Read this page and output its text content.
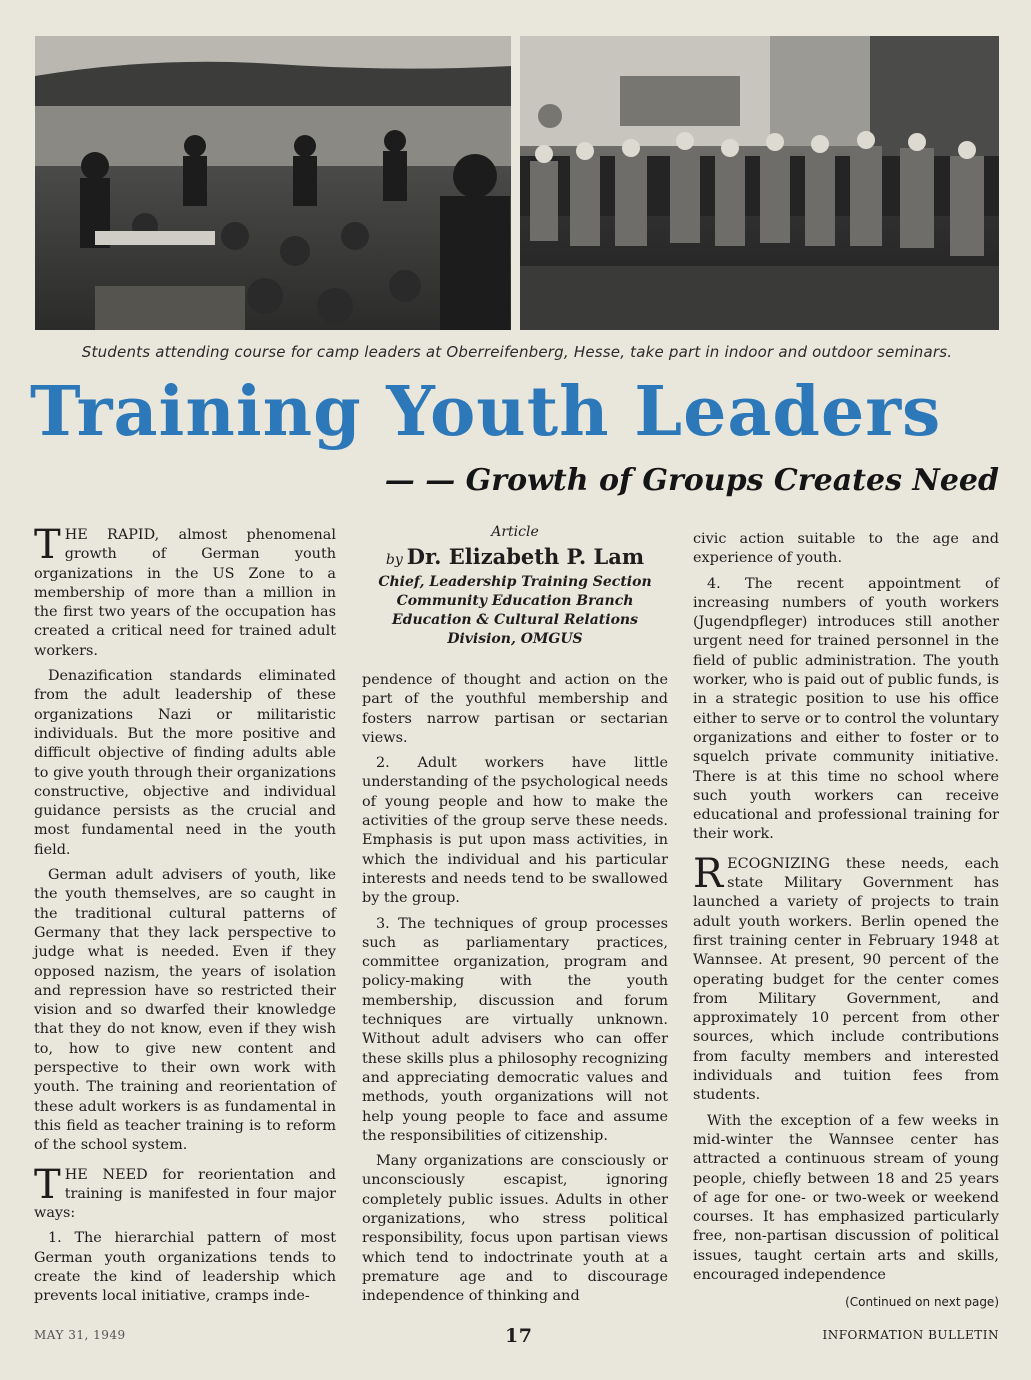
Students attending course for camp leaders at Oberreifenberg, Hesse, take part in indoor and outdoor seminars.
Training Youth Leaders
— — Growth of Groups Creates Need
Article
by Dr. Elizabeth P. Lam
Chief, Leadership Training Section
Community Education Branch
Education & Cultural Relations
Division, OMGUS

THE RAPID, almost phenomenal growth of German youth organizations in the US Zone to a membership of more than a million in the first two years of the occupation has created a critical need for trained adult workers.

Denazification standards eliminated from the adult leadership of these organizations Nazi or militaristic individuals. But the more positive and difficult objective of finding adults able to give youth through their organizations constructive, objective and individual guidance persists as the crucial and most fundamental need in the youth field.

German adult advisers of youth, like the youth themselves, are so caught in the traditional cultural patterns of Germany that they lack perspective to judge what is needed. Even if they opposed nazism, the years of isolation and repression have so restricted their vision and so dwarfed their knowledge that they do not know, even if they wish to, how to give new content and perspective to their own work with youth. The training and reorientation of these adult workers is as fundamental in this field as teacher training is to reform of the school system.

THE NEED for reorientation and training is manifested in four major ways:

1. The hierarchial pattern of most German youth organizations tends to create the kind of leadership which prevents local initiative, cramps inde-

pendence of thought and action on the part of the youthful membership and fosters narrow partisan or sectarian views.

2. Adult workers have little understanding of the psychological needs of young people and how to make the activities of the group serve these needs. Emphasis is put upon mass activities, in which the individual and his particular interests and needs tend to be swallowed by the group.

3. The techniques of group processes such as parliamentary practices, committee organization, program and policy-making with the youth membership, discussion and forum techniques are virtually unknown. Without adult advisers who can offer these skills plus a philosophy recognizing and appreciating democratic values and methods, youth organizations will not help young people to face and assume the responsibilities of citizenship.

Many organizations are consciously or unconsciously escapist, ignoring completely public issues. Adults in other organizations, who stress political responsibility, focus upon partisan views which tend to indoctrinate youth at a premature age and to discourage independence of thinking and

civic action suitable to the age and experience of youth.

4. The recent appointment of increasing numbers of youth workers (Jugendpfleger) introduces still another urgent need for trained personnel in the field of public administration. The youth worker, who is paid out of public funds, is in a strategic position to use his office either to serve or to control the voluntary organizations and either to foster or to squelch private community initiative. There is at this time no school where such youth workers can receive educational and professional training for their work.

RECOGNIZING these needs, each state Military Government has launched a variety of projects to train adult youth workers. Berlin opened the first training center in February 1948 at Wannsee. At present, 90 percent of the operating budget for the center comes from Military Government, and approximately 10 percent from other sources, which include contributions from faculty members and interested individuals and tuition fees from students.

With the exception of a few weeks in mid-winter the Wannsee center has attracted a continuous stream of young people, chiefly between 18 and 25 years of age for one- or two-week or weekend courses. It has emphasized particularly free, non-partisan discussion of political issues, taught certain arts and skills, encouraged independence

(Continued on next page)
MAY 31, 1949	17	INFORMATION BULLETIN
